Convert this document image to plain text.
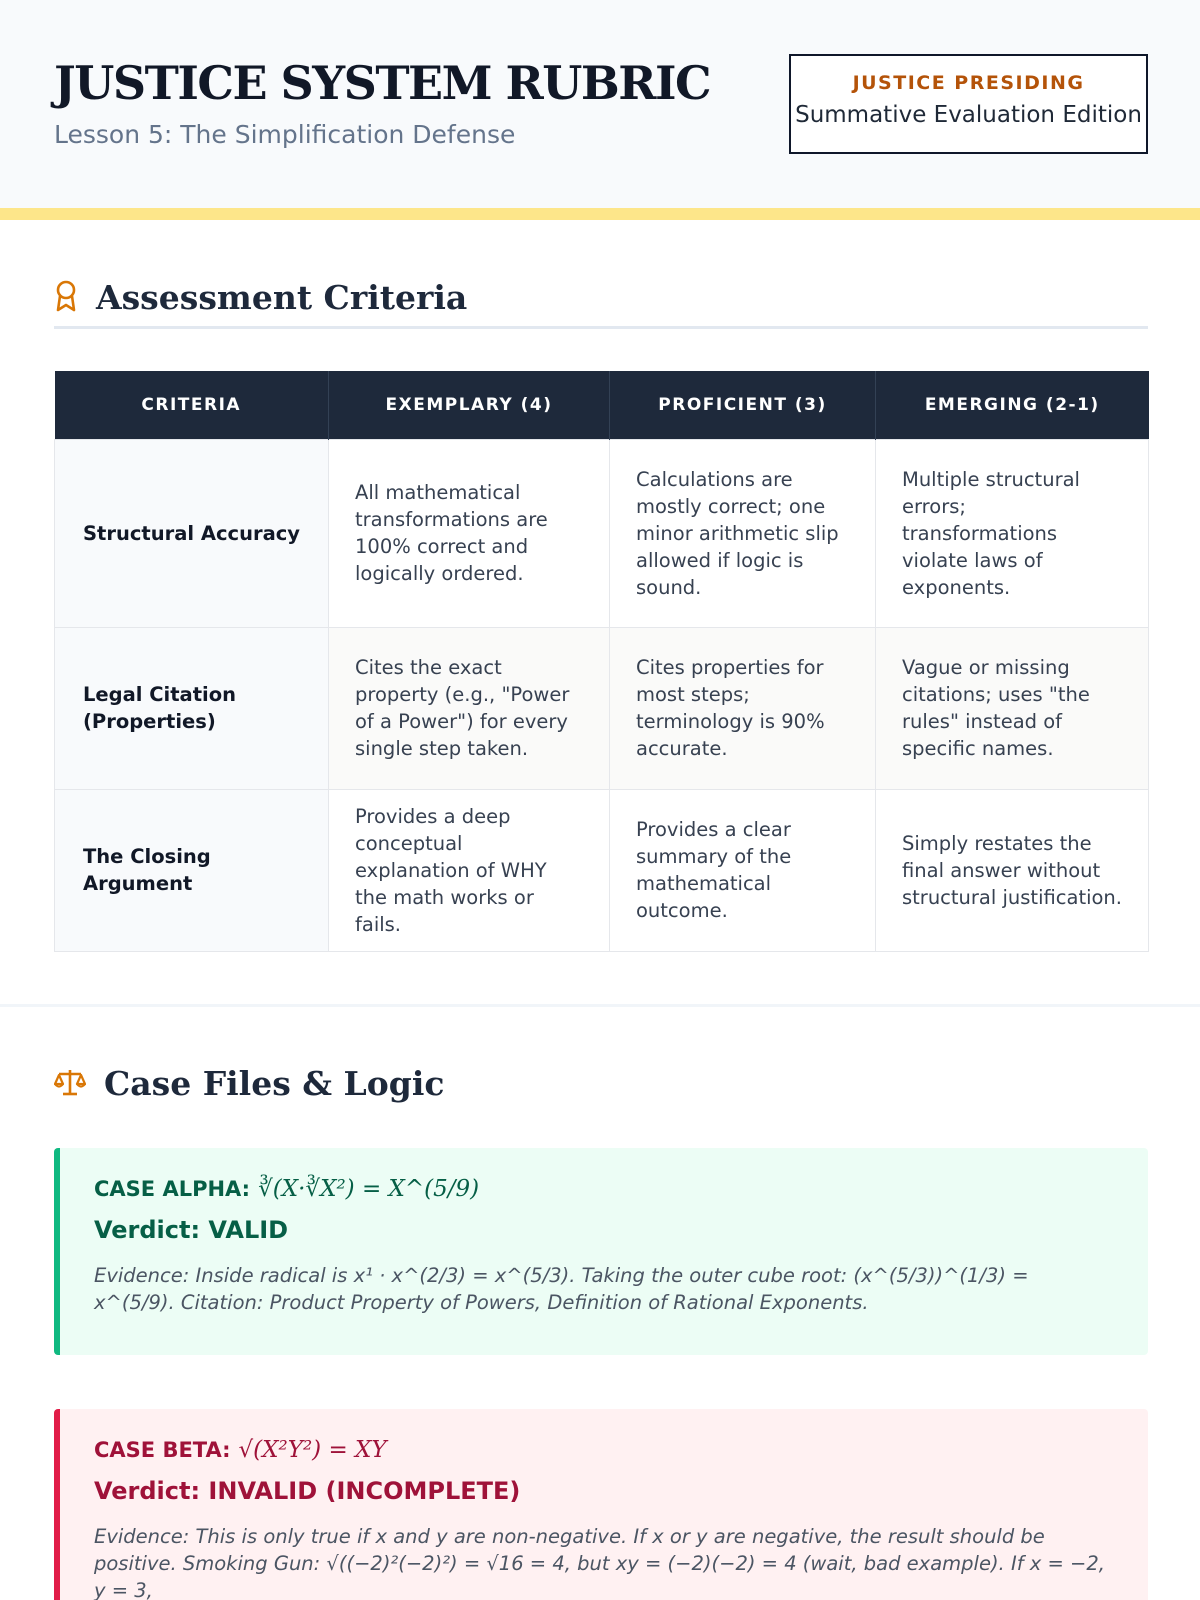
JUSTICE SYSTEM RUBRIC
Lesson 5: The Simplification Defense
JUSTICE PRESIDING
Summative Evaluation Edition
Assessment Criteria
CRITERIA	EXEMPLARY (4)	PROFICIENT (3)	EMERGING (2-1)
Structural Accuracy	All mathematical transformations are 100% correct and logically ordered.	Calculations are mostly correct; one minor arithmetic slip allowed if logic is sound.	Multiple structural errors; transformations violate laws of exponents.
Legal Citation (Properties)	Cites the exact property (e.g., "Power of a Power") for every single step taken.	Cites properties for most steps; terminology is 90% accurate.	Vague or missing citations; uses "the rules" instead of specific names.
The Closing Argument	Provides a deep conceptual explanation of WHY the math works or fails.	Provides a clear summary of the mathematical outcome.	Simply restates the final answer without structural justification.
Case Files & Logic
CASE ALPHA: ∛(X·∛X²) = X^(5/9)
Verdict: VALID
Evidence: Inside radical is x¹ · x^(2/3) = x^(5/3). Taking the outer cube root: (x^(5/3))^(1/3) = x^(5/9). Citation: Product Property of Powers, Definition of Rational Exponents.
CASE BETA: √(X²Y²) = XY
Verdict: INVALID (INCOMPLETE)
Evidence: This is only true if x and y are non-negative. If x or y are negative, the result should be positive. Smoking Gun: √((−2)²(−2)²) = √16 = 4, but xy = (−2)(−2) = 4 (wait, bad example). If x = −2, y = 3,
